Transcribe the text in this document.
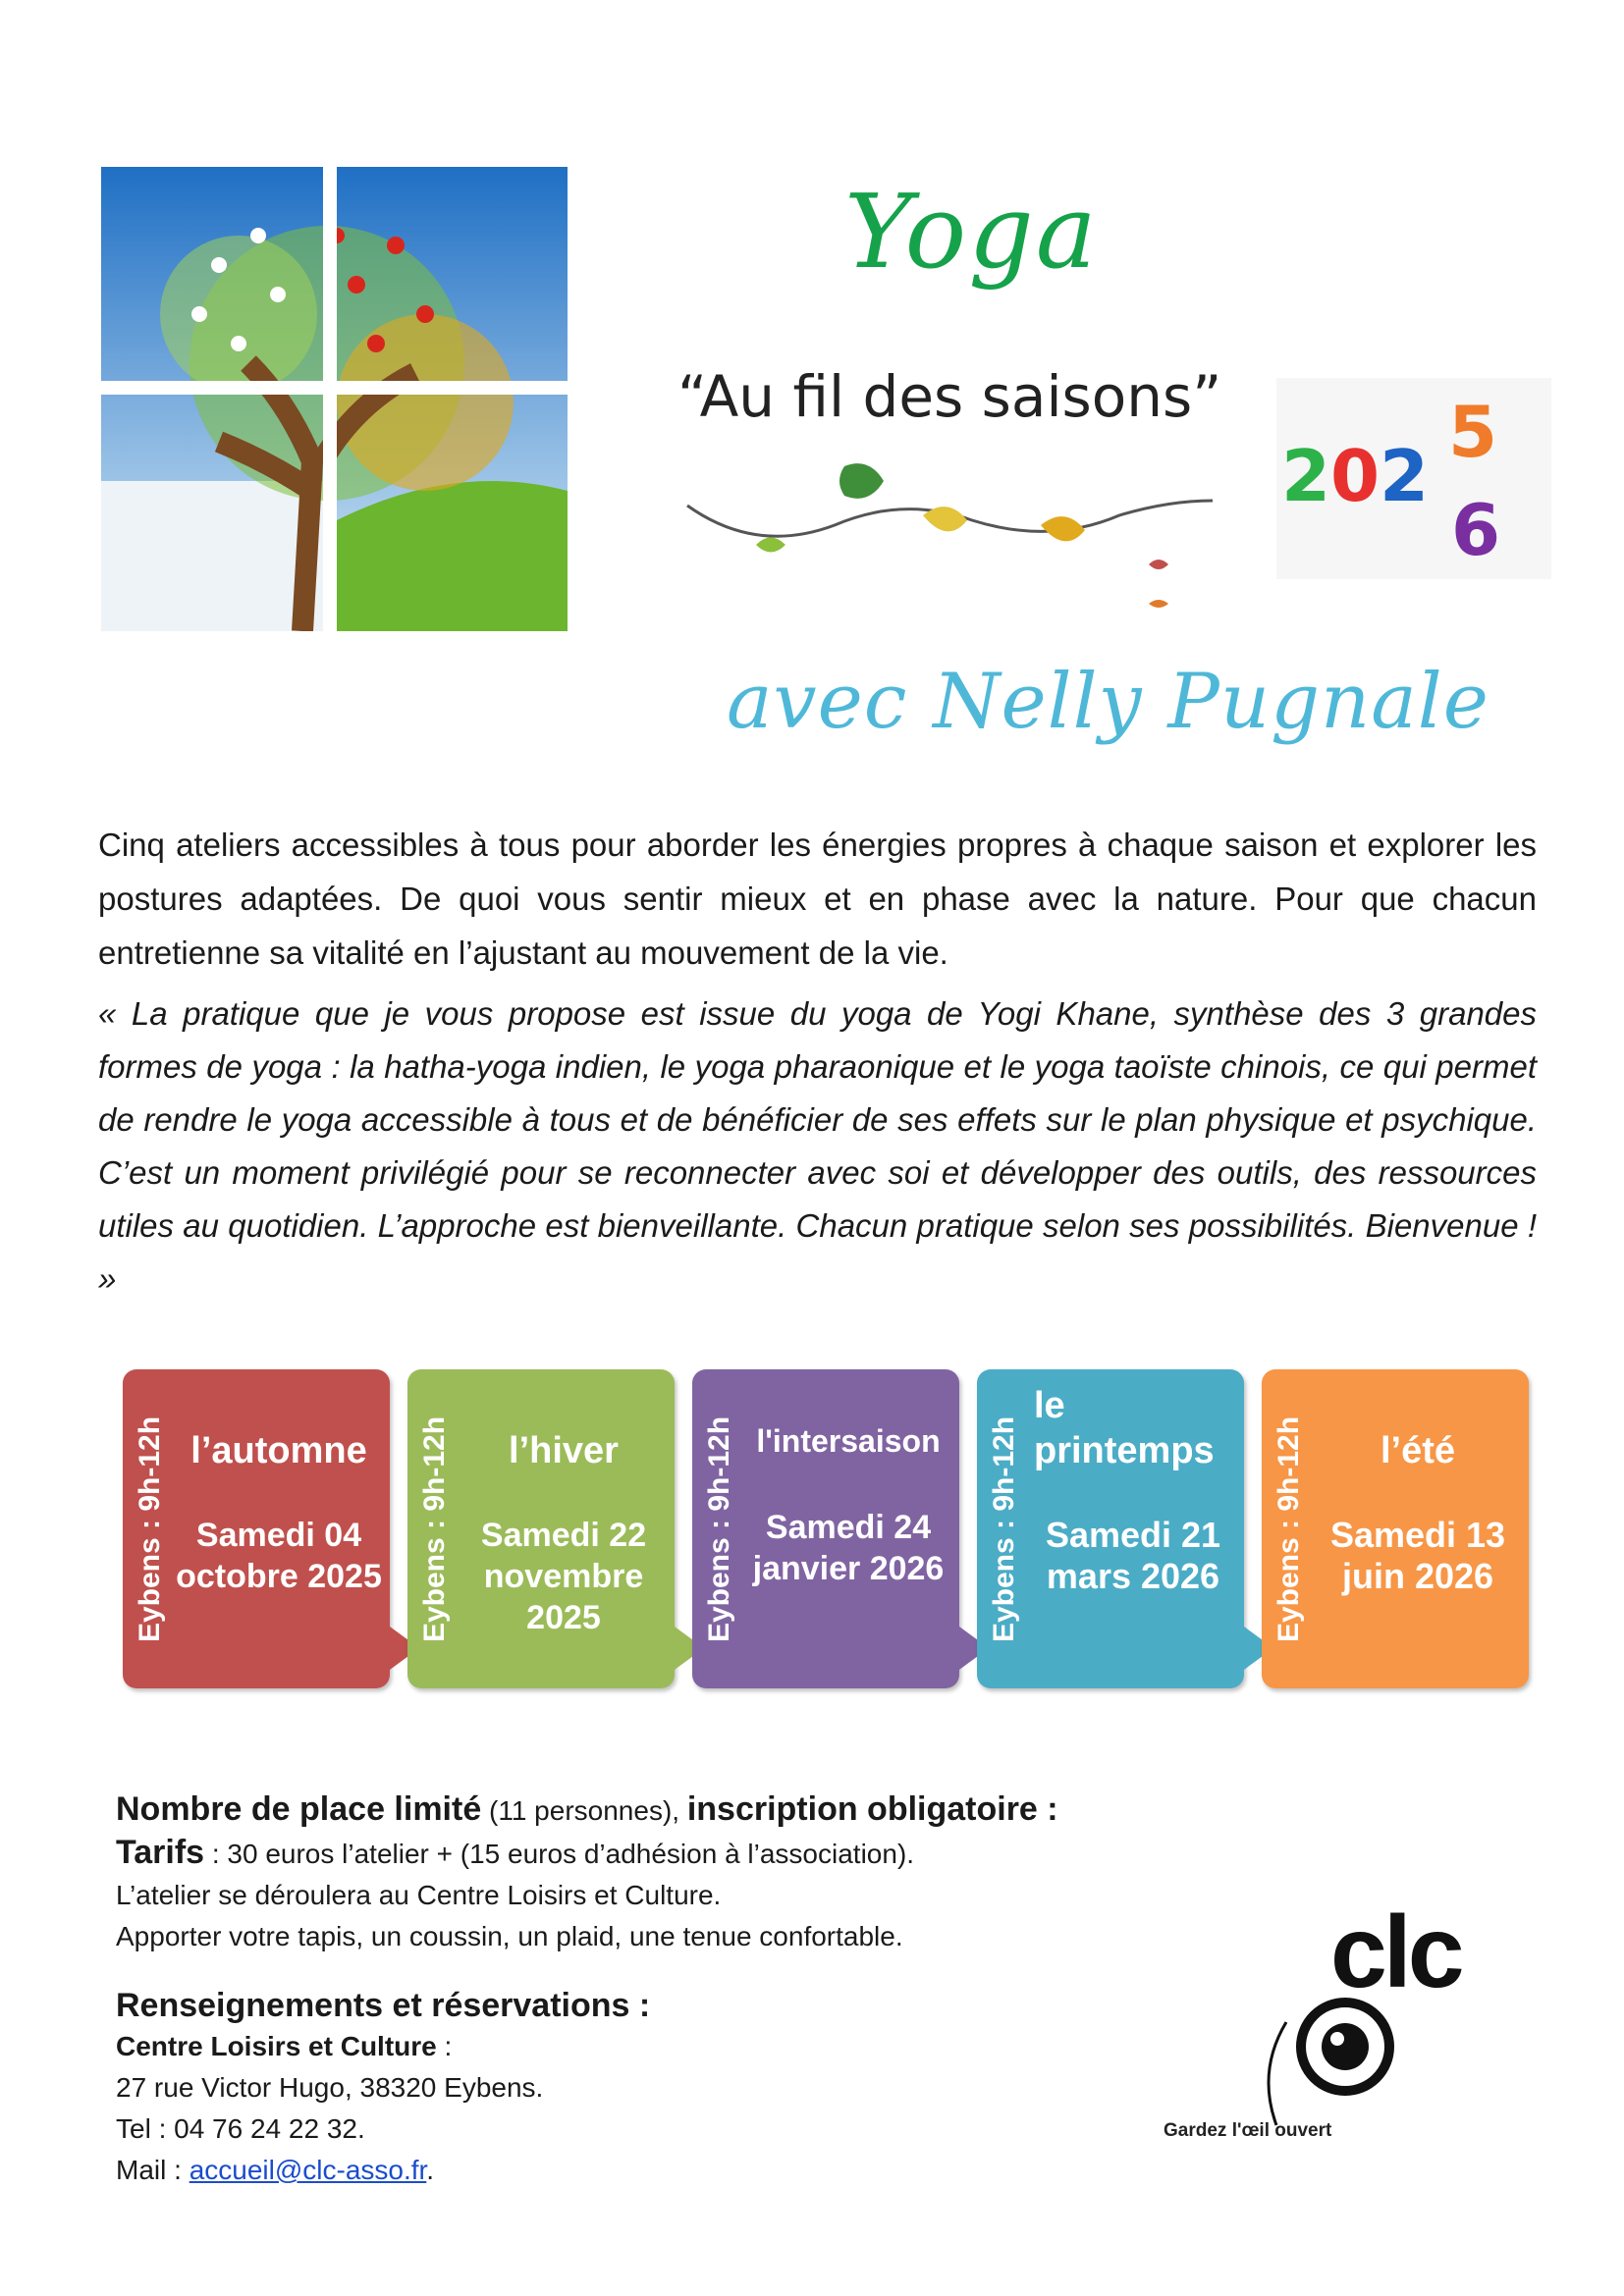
Yoga
“Au fil des saisons”
2 0 2
5
6
avec Nelly Pugnale

Cinq ateliers accessibles à tous pour aborder les énergies propres à chaque saison et explorer les postures adaptées. De quoi vous sentir mieux et en phase avec la nature. Pour que chacun entretienne sa vitalité en l’ajustant au mouvement de la vie.

« La pratique que je vous propose est issue du yoga de Yogi Khane, synthèse des 3 grandes formes de yoga : la hatha-yoga indien, le yoga pharaonique et le yoga taoïste chinois, ce qui permet de rendre le yoga accessible à tous et de bénéficier de ses effets sur le plan physique et psychique. C’est un moment privilégié pour se reconnecter avec soi et développer des outils, des ressources utiles au quotidien. L’approche est bienveillante. Chacun pratique selon ses possibilités. Bienvenue ! »

Eybens : 9h-12h l’automne
Samedi 04 octobre 2025 Eybens : 9h-12h	l’hiver
Samedi 22 novembre 2025	Eybens : 9h-12h l'intersaison
Samedi 24 janvier 2026	Eybens : 9h-12h
le printemps
Samedi 21 mars 2026	Eybens : 9h-12h	l’été
Samedi 13 juin 2026
Nombre de place limité (11 personnes), inscription obligatoire :
Tarifs : 30 euros l’atelier + (15 euros d’adhésion à l’association).
L’atelier se déroulera au Centre Loisirs et Culture.
Apporter votre tapis, un coussin, un plaid, une tenue confortable.
Renseignements et réservations :
Centre Loisirs et Culture :
27 rue Victor Hugo, 38320 Eybens.
Tel : 04 76 24 22 32.
Mail : accueil@clc-asso.fr.
clc
Gardez l'œil ouvert
